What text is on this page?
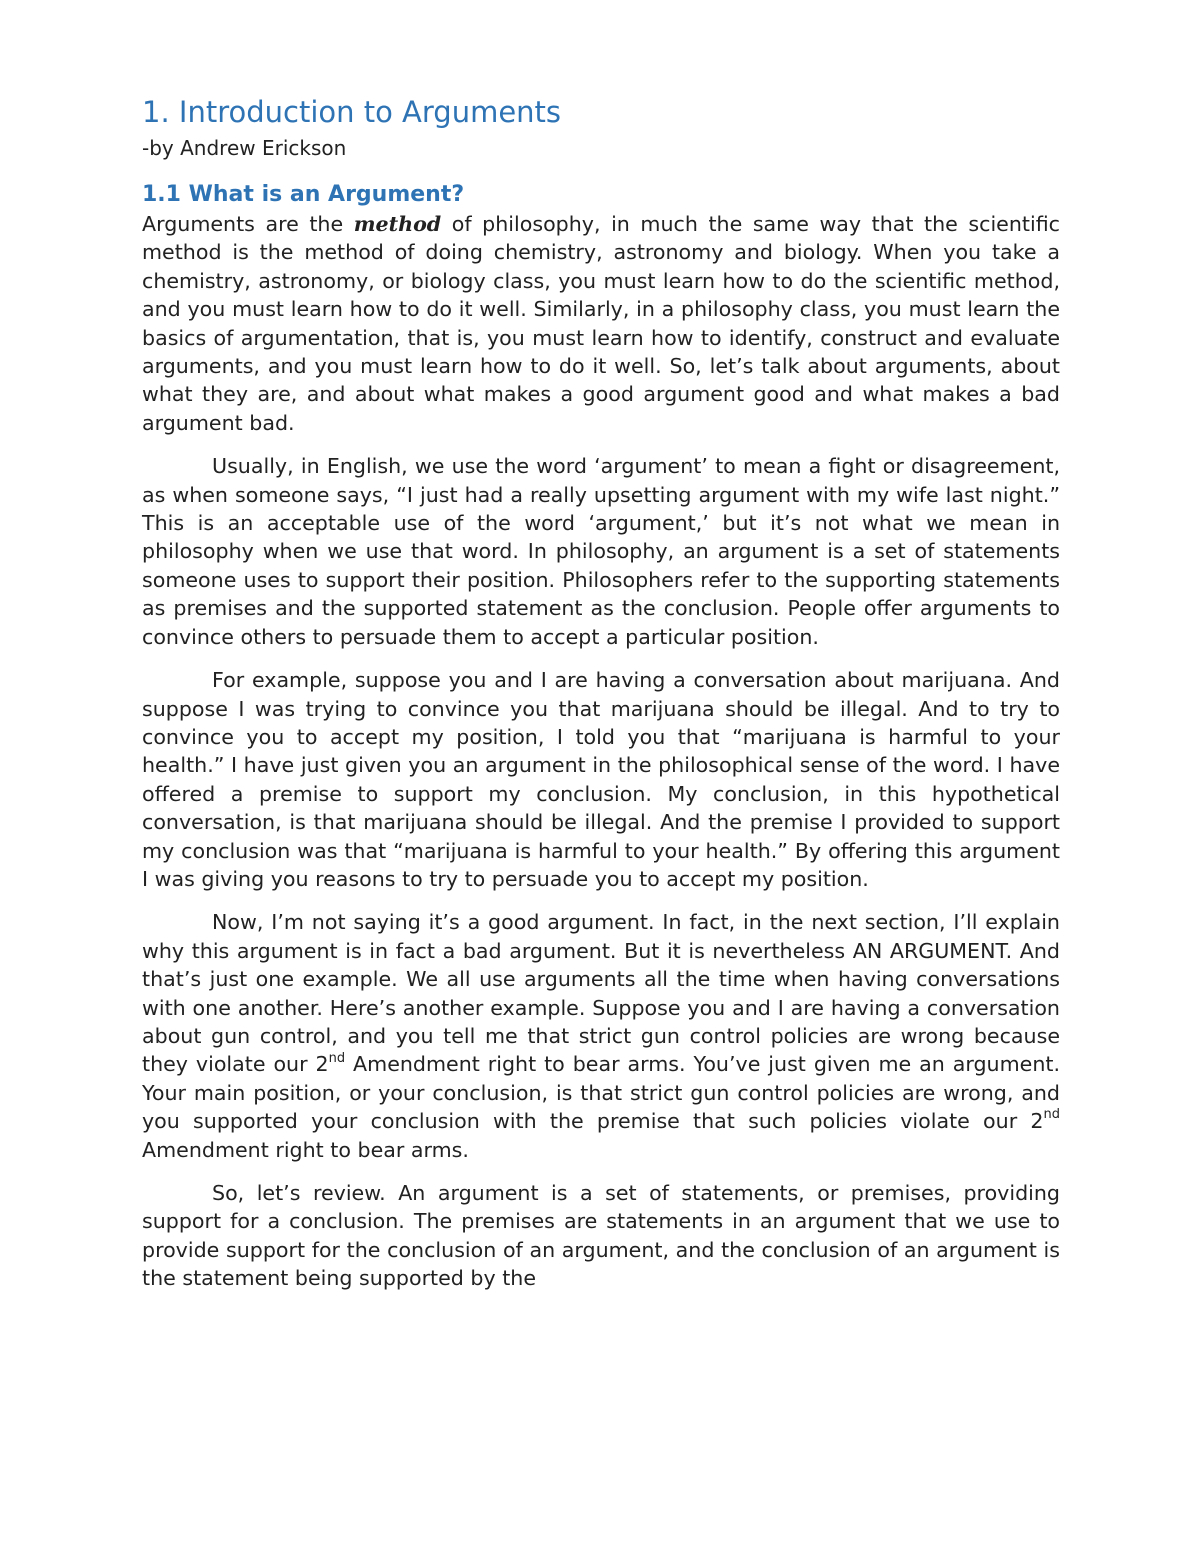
1. Introduction to Arguments
-by Andrew Erickson
1.1 What is an Argument?

Arguments are the method of philosophy, in much the same way that the scientific method is the method of doing chemistry, astronomy and biology. When you take a chemistry, astronomy, or biology class, you must learn how to do the scientific method, and you must learn how to do it well. Similarly, in a philosophy class, you must learn the basics of argumentation, that is, you must learn how to identify, construct and evaluate arguments, and you must learn how to do it well. So, let’s talk about arguments, about what they are, and about what makes a good argument good and what makes a bad argument bad.

Usually, in English, we use the word ‘argument’ to mean a fight or disagreement, as when someone says, “I just had a really upsetting argument with my wife last night.” This is an acceptable use of the word ‘argument,’ but it’s not what we mean in philosophy when we use that word. In philosophy, an argument is a set of statements someone uses to support their position. Philosophers refer to the supporting statements as premises and the supported statement as the conclusion. People offer arguments to convince others to persuade them to accept a particular position.

For example, suppose you and I are having a conversation about marijuana. And suppose I was trying to convince you that marijuana should be illegal. And to try to convince you to accept my position, I told you that “marijuana is harmful to your health.” I have just given you an argument in the philosophical sense of the word. I have offered a premise to support my conclusion. My conclusion, in this hypothetical conversation, is that marijuana should be illegal. And the premise I provided to support my conclusion was that “marijuana is harmful to your health.” By offering this argument I was giving you reasons to try to persuade you to accept my position.

Now, I’m not saying it’s a good argument. In fact, in the next section, I’ll explain why this argument is in fact a bad argument. But it is nevertheless AN ARGUMENT. And that’s just one example. We all use arguments all the time when having conversations with one another. Here’s another example. Suppose you and I are having a conversation about gun control, and you tell me that strict gun control policies are wrong because they violate our 2nd Amendment right to bear arms. You’ve just given me an argument. Your main position, or your conclusion, is that strict gun control policies are wrong, and you supported your conclusion with the premise that such policies violate our 2nd Amendment right to bear arms.

So, let’s review. An argument is a set of statements, or premises, providing support for a conclusion. The premises are statements in an argument that we use to provide support for the conclusion of an argument, and the conclusion of an argument is the statement being supported by the
